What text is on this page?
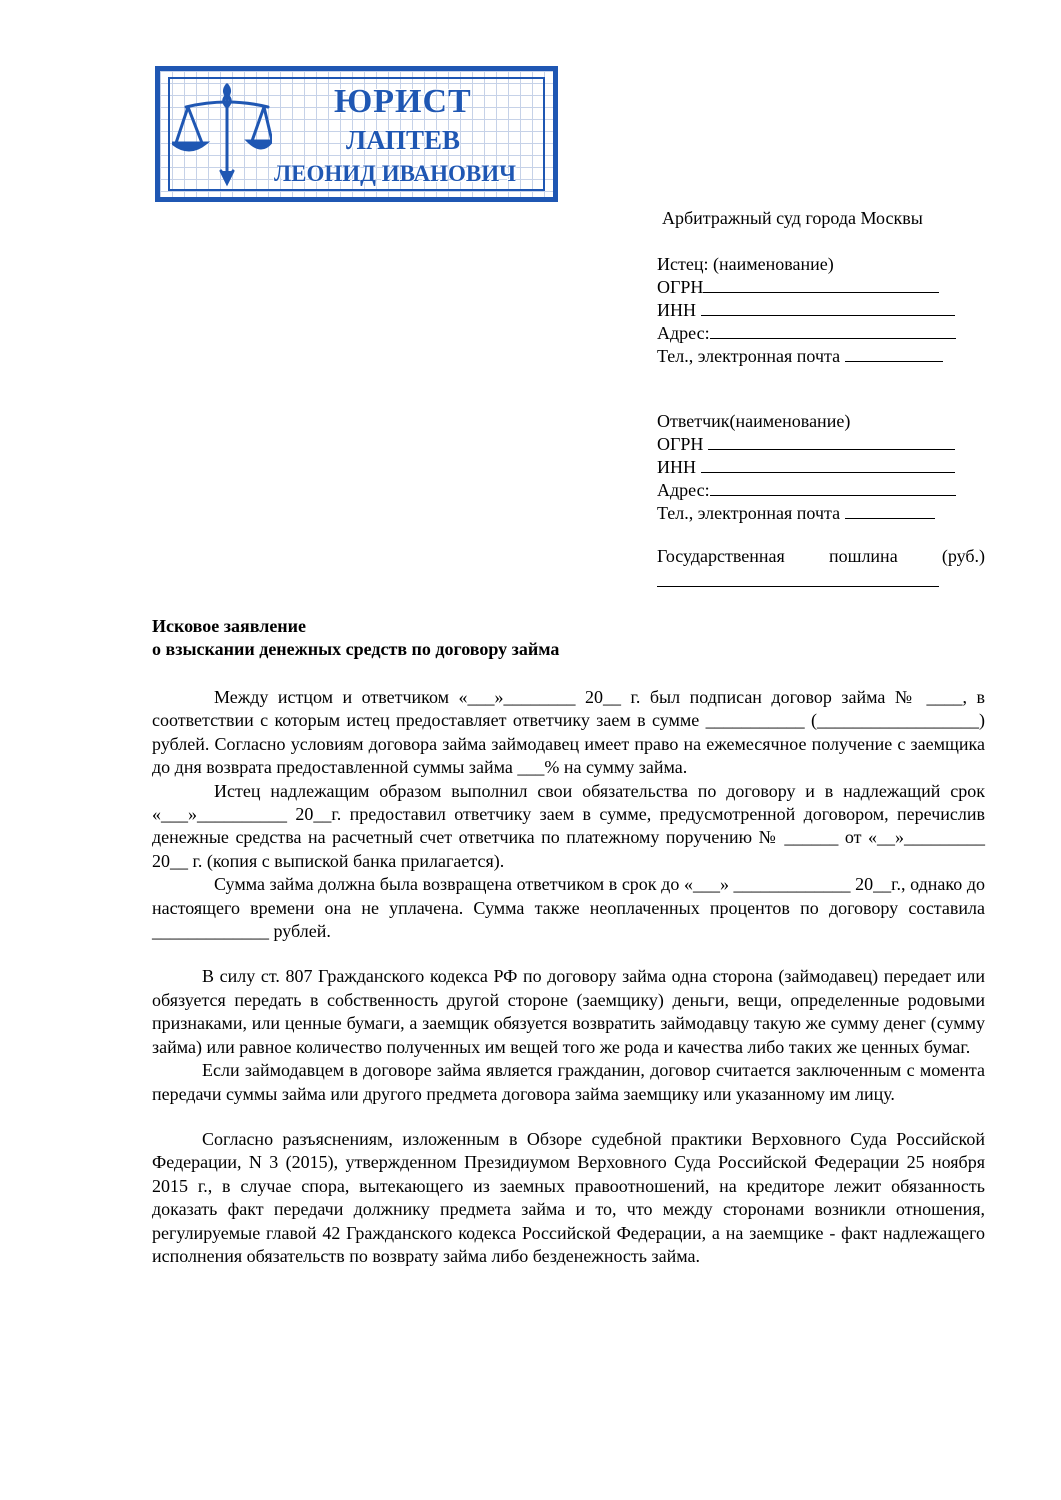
ЮРИСТ
ЛАПТЕВ
ЛЕОНИД ИВАНОВИЧ
Арбитражный суд города Москвы
Истец: (наименование)
ОГРН
ИНН
Адрес:
Тел., электронная почта
Ответчик(наименование)
ОГРН
ИНН
Адрес:
Тел., электронная почта
Государственная пошлина (руб.)
Исковое заявление
о взыскании денежных средств по договору займа

Между истцом и ответчиком «___»________ 20__ г. был подписан договор займа № ____, в соответствии с которым истец предоставляет ответчику заем в сумме ___________ (__________________) рублей. Согласно условиям договора займа займодавец имеет право на ежемесячное получение с заемщика до дня возврата предоставленной суммы займа ___% на сумму займа.

Истец надлежащим образом выполнил свои обязательства по договору и в надлежащий срок «___»__________ 20__г. предоставил ответчику заем в сумме, предусмотренной договором, перечислив денежные средства на расчетный счет ответчика по платежному поручению № ______ от «__»_________ 20__ г. (копия с выпиской банка прилагается).

Сумма займа должна была возвращена ответчиком в срок до «___» _____________ 20__г., однако до настоящего времени она не уплачена. Сумма также неоплаченных процентов по договору составила _____________ рублей.

В силу ст. 807 Гражданского кодекса РФ по договору займа одна сторона (займодавец) передает или обязуется передать в собственность другой стороне (заемщику) деньги, вещи, определенные родовыми признаками, или ценные бумаги, а заемщик обязуется возвратить займодавцу такую же сумму денег (сумму займа) или равное количество полученных им вещей того же рода и качества либо таких же ценных бумаг.

Если займодавцем в договоре займа является гражданин, договор считается заключенным с момента передачи суммы займа или другого предмета договора займа заемщику или указанному им лицу.

Согласно разъяснениям, изложенным в Обзоре судебной практики Верховного Суда Российской Федерации, N 3 (2015), утвержденном Президиумом Верховного Суда Российской Федерации 25 ноября 2015 г., в случае спора, вытекающего из заемных правоотношений, на кредиторе лежит обязанность доказать факт передачи должнику предмета займа и то, что между сторонами возникли отношения, регулируемые главой 42 Гражданского кодекса Российской Федерации, а на заемщике - факт надлежащего исполнения обязательств по возврату займа либо безденежность займа.
